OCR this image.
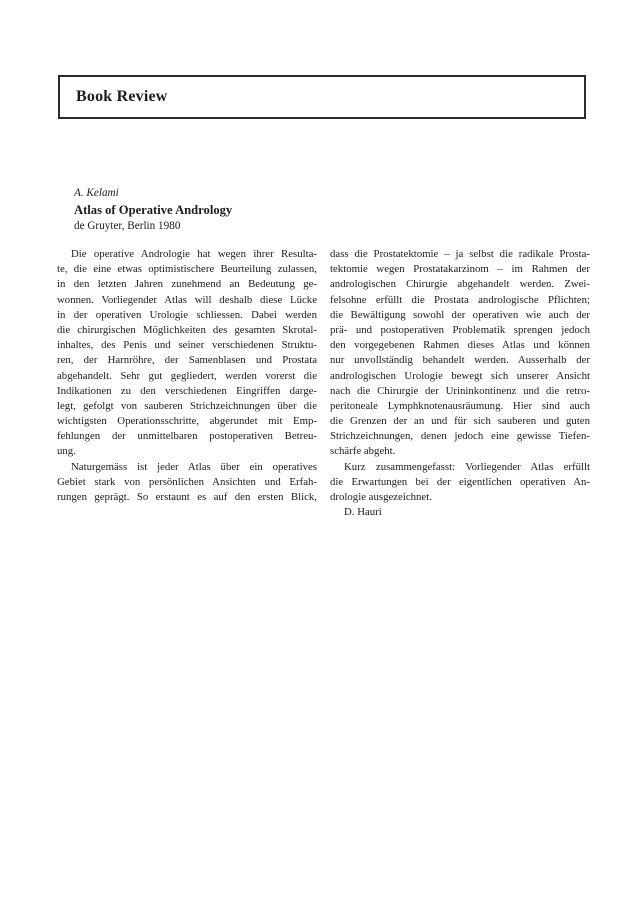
Book Review
A. Kelami
Atlas of Operative Andrology
de Gruyter, Berlin 1980
Die operative Andrologie hat wegen ihrer Resulta-
te, die eine etwas optimistischere Beurteilung zulassen,
in den letzten Jahren zunehmend an Bedeutung ge-
wonnen. Vorliegender Atlas will deshalb diese Lücke
in der operativen Urologie schliessen. Dabei werden
die chirurgischen Möglichkeiten des gesamten Skrotal-
inhaltes, des Penis und seiner verschiedenen Struktu-
ren, der Harnröhre, der Samenblasen und Prostata
abgehandelt. Sehr gut gegliedert, werden vorerst die
Indikationen zu den verschiedenen Eingriffen darge-
legt, gefolgt von sauberen Strichzeichnungen über die
wichtigsten Operationsschritte, abgerundet mit Emp-
fehlungen der unmittelbaren postoperativen Betreu-
ung.
Naturgemäss ist jeder Atlas über ein operatives
Gebiet stark von persönlichen Ansichten und Erfah-
rungen geprägt. So erstaunt es auf den ersten Blick,
dass die Prostatektomie – ja selbst die radikale Prosta-
tektomie wegen Prostatakarzinom – im Rahmen der
andrologischen Chirurgie abgehandelt werden. Zwei-
felsohne erfüllt die Prostata andrologische Pflichten;
die Bewältigung sowohl der operativen wie auch der
prä- und postoperativen Problematik sprengen jedoch
den vorgegebenen Rahmen dieses Atlas und können
nur unvollständig behandelt werden. Ausserhalb der
andrologischen Urologie bewegt sich unserer Ansicht
nach die Chirurgie der Urininkontinenz und die retro-
peritoneale Lymphknotenausräumung. Hier sind auch
die Grenzen der an und für sich sauberen und guten
Strichzeichnungen, denen jedoch eine gewisse Tiefen-
schärfe abgeht.
Kurz zusammengefasst: Vorliegender Atlas erfüllt
die Erwartungen bei der eigentlichen operativen An-
drologie ausgezeichnet.
D. Hauri
